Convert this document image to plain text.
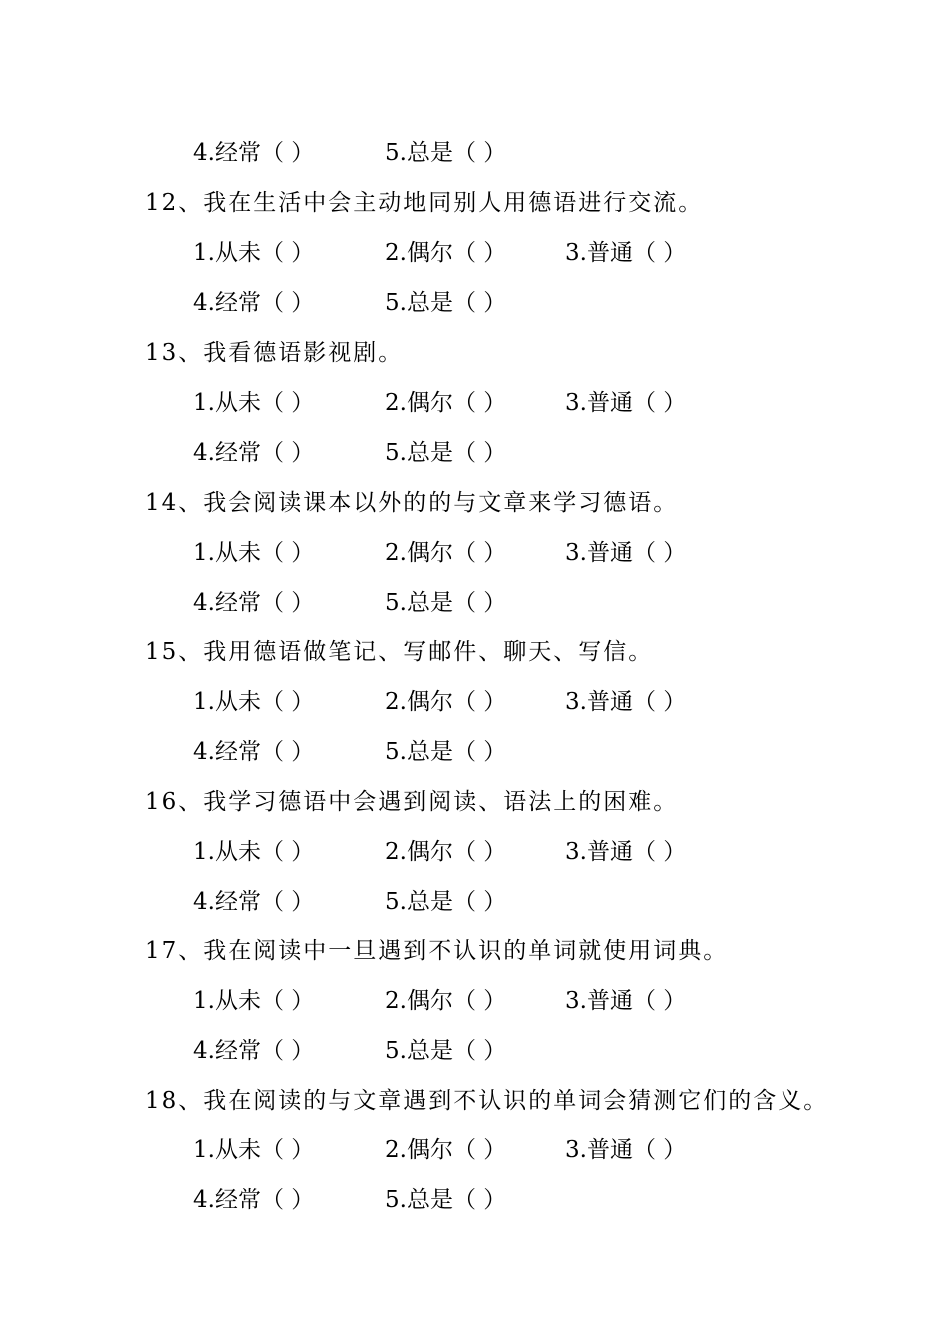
4.经常（ ）	5.总是（ ）
12、我在生活中会主动地同别人用德语进行交流。
1.从未（ ）	2.偶尔（ ）	3.普通（ ）
4.经常（ ）	5.总是（ ）
13、我看德语影视剧。
1.从未（ ）	2.偶尔（ ）	3.普通（ ）
4.经常（ ）	5.总是（ ）
14、我会阅读课本以外的的与文章来学习德语。
1.从未（ ）	2.偶尔（ ）	3.普通（ ）
4.经常（ ）	5.总是（ ）
15、我用德语做笔记、写邮件、聊天、写信。
1.从未（ ）	2.偶尔（ ）	3.普通（ ）
4.经常（ ）	5.总是（ ）
16、我学习德语中会遇到阅读、语法上的困难。
1.从未（ ）	2.偶尔（ ）	3.普通（ ）
4.经常（ ）	5.总是（ ）
17、我在阅读中一旦遇到不认识的单词就使用词典。
1.从未（ ）	2.偶尔（ ）	3.普通（ ）
4.经常（ ）	5.总是（ ）
18、我在阅读的与文章遇到不认识的单词会猜测它们的含义。
1.从未（ ）	2.偶尔（ ）	3.普通（ ）
4.经常（ ）	5.总是（ ）
